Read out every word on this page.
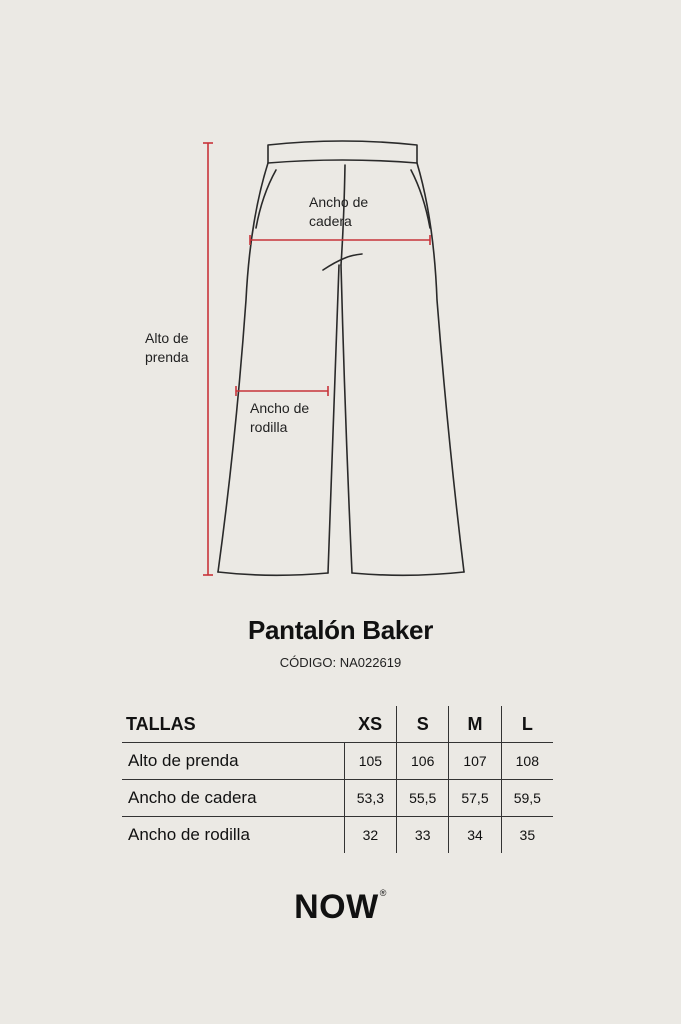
Ancho de
cadera
Alto de
prenda
Ancho de
rodilla
Pantalón Baker
CÓDIGO: NA022619
TALLAS	XS	S	M	L
Alto de prenda	105	106	107	108
Ancho de cadera	53,3	55,5	57,5	59,5
Ancho de rodilla	32	33	34	35
NOW®
